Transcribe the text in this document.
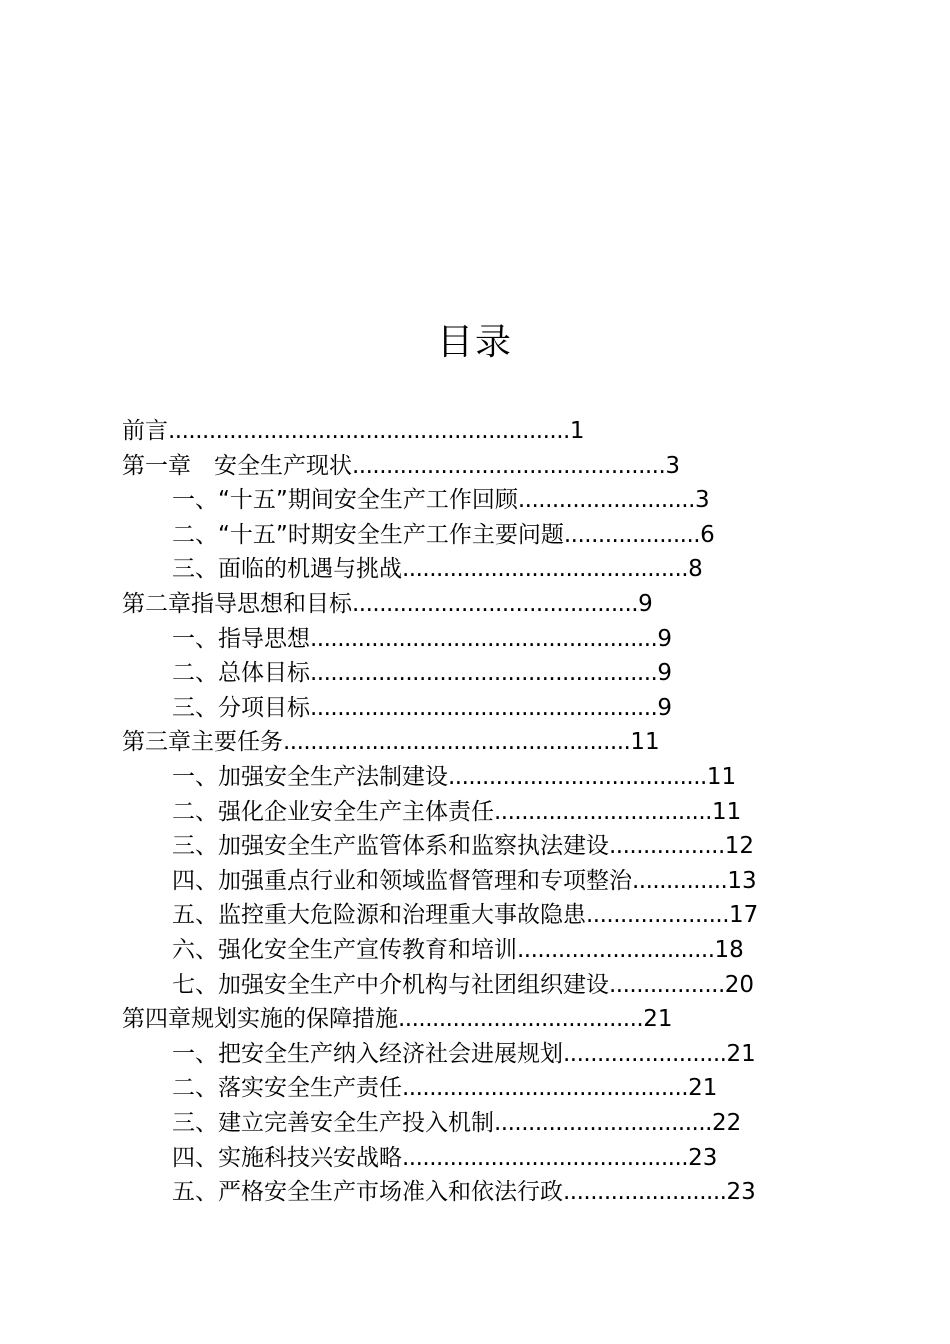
目录
前言...........................................................1
第一章　安全生产现状..............................................3
一、“十五”期间安全生产工作回顾..........................3
二、“十五”时期安全生产工作主要问题....................6
三、面临的机遇与挑战..........................................8
第二章指导思想和目标..........................................9
一、指导思想...................................................9
二、总体目标...................................................9
三、分项目标...................................................9
第三章主要任务...................................................11
一、加强安全生产法制建设......................................11
二、强化企业安全生产主体责任................................11
三、加强安全生产监管体系和监察执法建设.................12
四、加强重点行业和领域监督管理和专项整治..............13
五、监控重大危险源和治理重大事故隐患.....................17
六、强化安全生产宣传教育和培训.............................18
七、加强安全生产中介机构与社团组织建设.................20
第四章规划实施的保障措施....................................21
一、把安全生产纳入经济社会进展规划........................21
二、落实安全生产责任..........................................21
三、建立完善安全生产投入机制................................22
四、实施科技兴安战略..........................................23
五、严格安全生产市场准入和依法行政........................23
